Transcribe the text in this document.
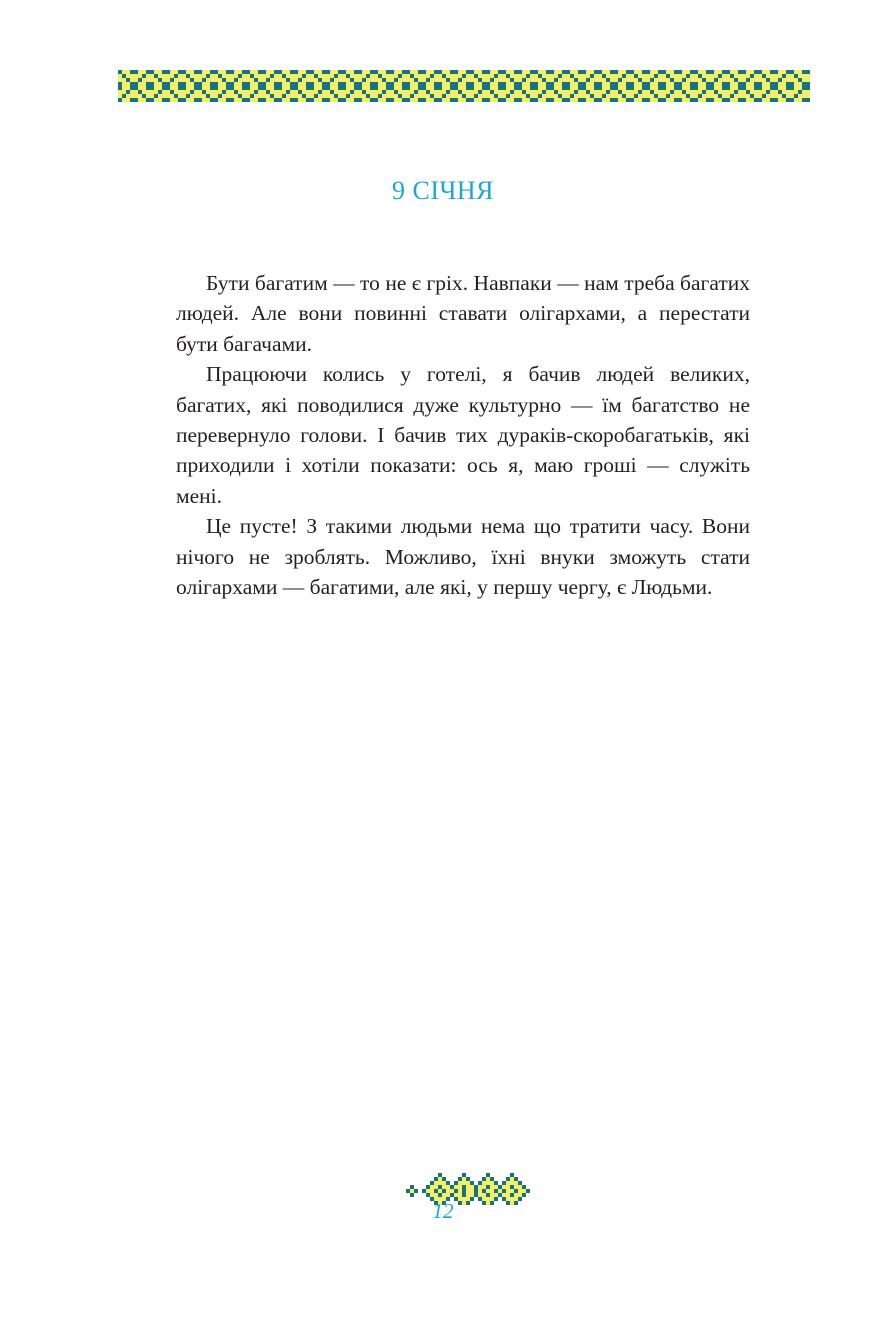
9 СІЧНЯ

Бути багатим — то не є гріх. Навпаки — нам треба багатих людей. Але вони повинні ставати олігархами, а перестати бути багачами.

Працюючи колись у готелі, я бачив людей великих, багатих, які поводилися дуже культурно — їм багатство не перевернуло голови. І бачив тих дураків-скоробагатьків, які приходили і хотіли показати: ось я, маю гроші — служіть мені.

Це пусте! З такими людьми нема що тратити часу. Вони нічого не зроблять. Можливо, їхні внуки зможуть стати олігархами — багатими, але які, у першу чергу, є Людьми.

12
